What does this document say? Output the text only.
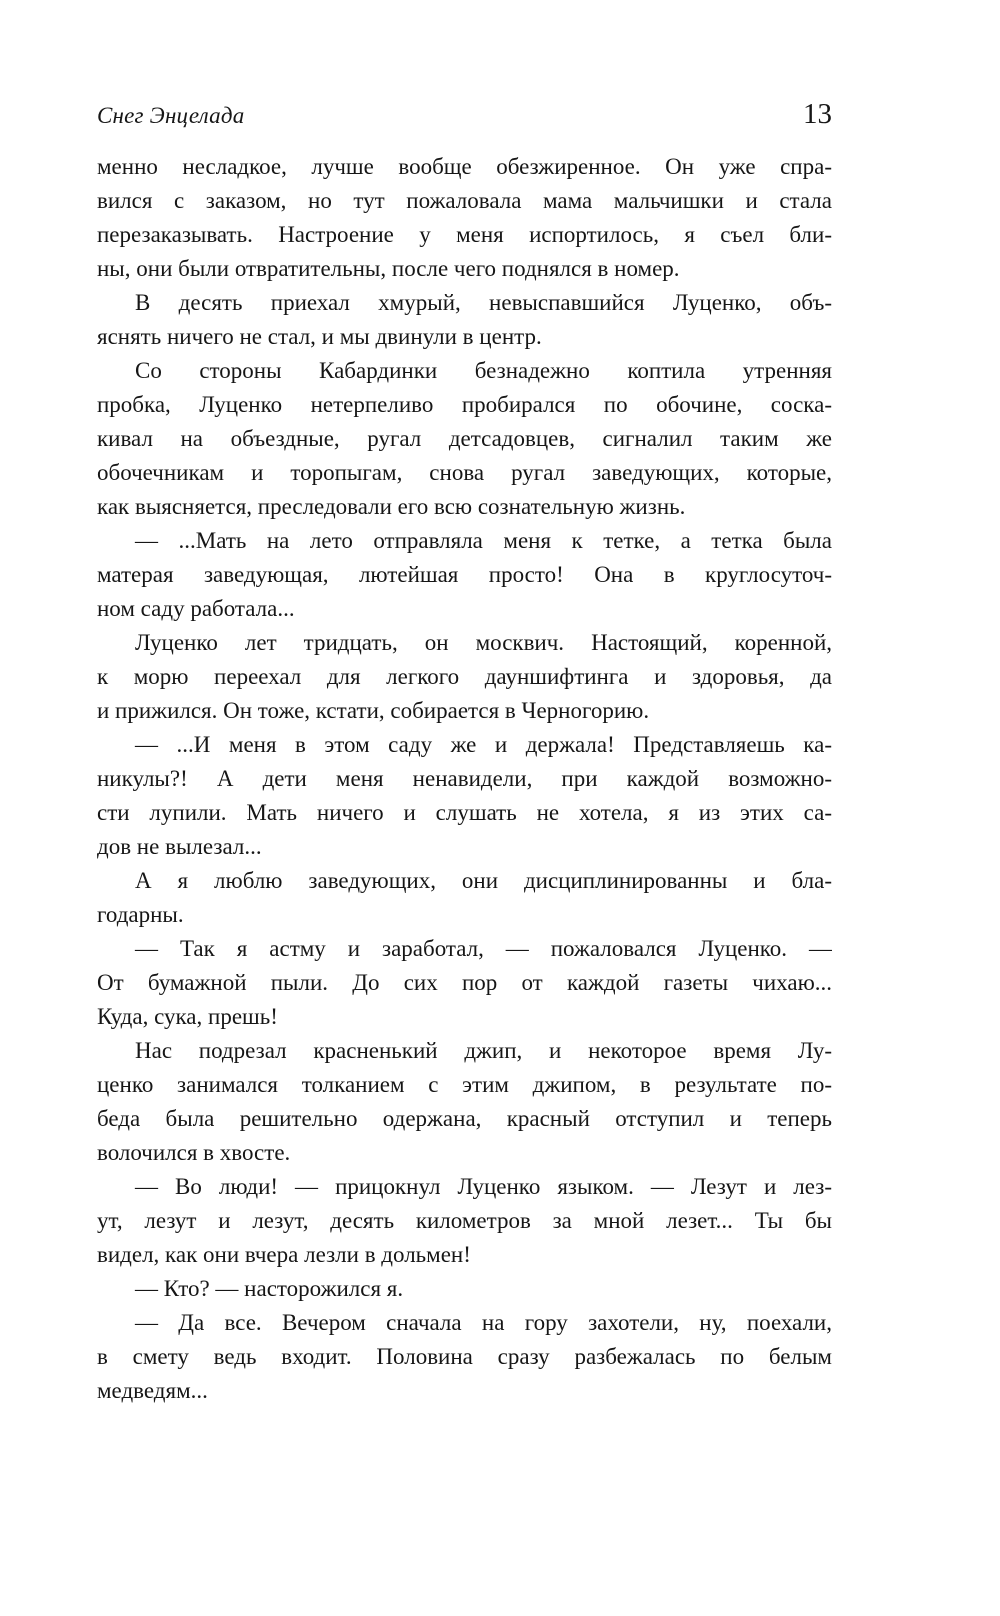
Снег Энцелада	13
менно несладкое, лучше вообще обезжиренное. Он уже спра-
вился с заказом, но тут пожаловала мама мальчишки и стала
перезаказывать. Настроение у меня испортилось, я съел бли-
ны, они были отвратительны, после чего поднялся в номер.
В десять приехал хмурый, невыспавшийся Луценко, объ-
яснять ничего не стал, и мы двинули в центр.
Со стороны Кабардинки безнадежно коптила утренняя
пробка, Луценко нетерпеливо пробирался по обочине, соска-
кивал на объездные, ругал детсадовцев, сигналил таким же
обочечникам и торопыгам, снова ругал заведующих, которые,
как выясняется, преследовали его всю сознательную жизнь.
— ...Мать на лето отправляла меня к тетке, а тетка была
матерая заведующая, лютейшая просто! Она в круглосуточ-
ном саду работала...
Луценко лет тридцать, он москвич. Настоящий, коренной,
к морю переехал для легкого дауншифтинга и здоровья, да
и прижился. Он тоже, кстати, собирается в Черногорию.
— ...И меня в этом саду же и держала! Представляешь ка-
никулы?! А дети меня ненавидели, при каждой возможно-
сти лупили. Мать ничего и слушать не хотела, я из этих са-
дов не вылезал...
А я люблю заведующих, они дисциплинированны и бла-
годарны.
— Так я астму и заработал, — пожаловался Луценко. —
От бумажной пыли. До сих пор от каждой газеты чихаю...
Куда, сука, прешь!
Нас подрезал красненький джип, и некоторое время Лу-
ценко занимался толканием с этим джипом, в результате по-
беда была решительно одержана, красный отступил и теперь
волочился в хвосте.
— Во люди! — прицокнул Луценко языком. — Лезут и лез-
ут, лезут и лезут, десять километров за мной лезет... Ты бы
видел, как они вчера лезли в дольмен!
— Кто? — насторожился я.
— Да все. Вечером сначала на гору захотели, ну, поехали,
в смету ведь входит. Половина сразу разбежалась по белым
медведям...
